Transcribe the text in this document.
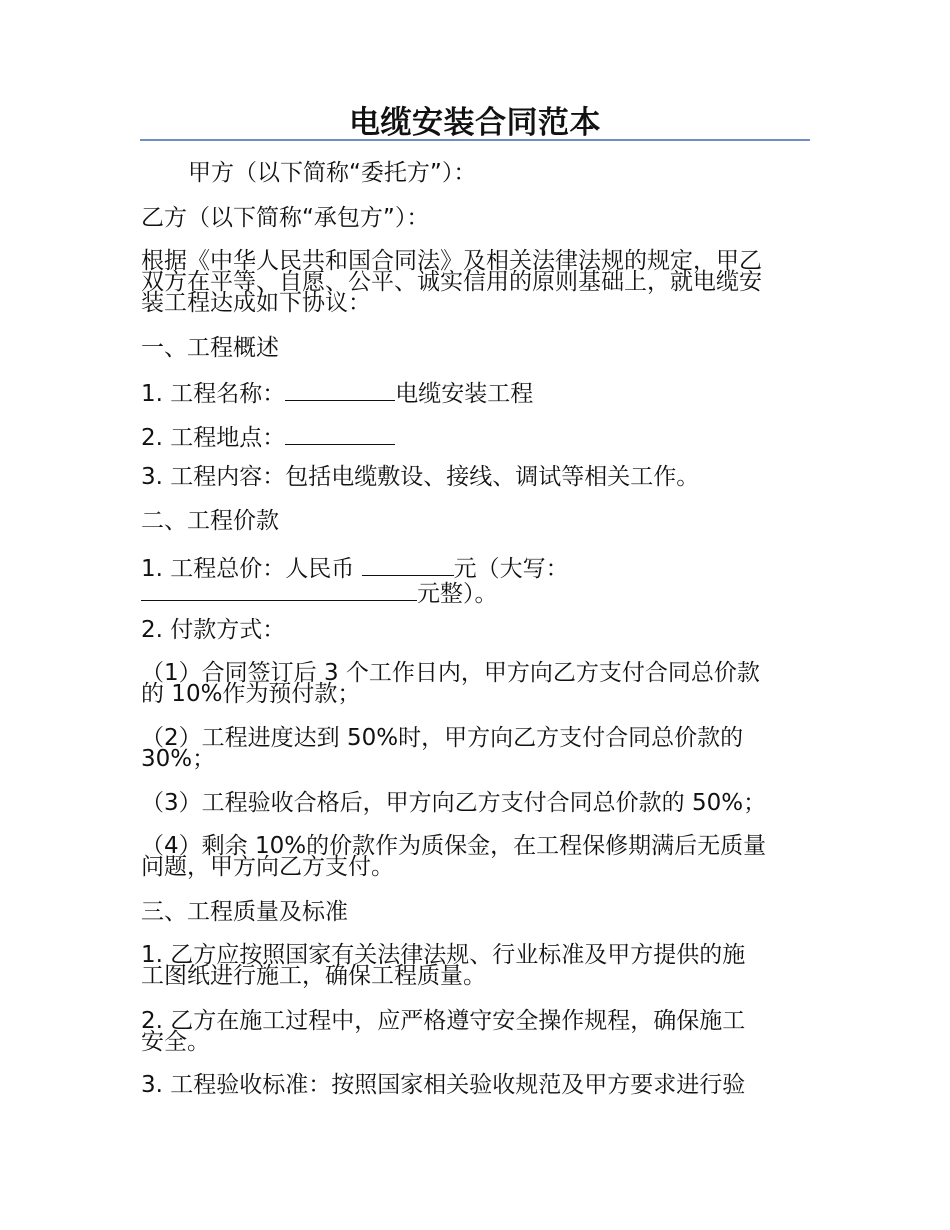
电缆安装合同范本
甲方（以下简称“委托方”）：
乙方（以下简称“承包方”）：
根据《中华人民共和国合同法》及相关法律法规的规定，甲乙
双方在平等、自愿、公平、诚实信用的原则基础上，就电缆安
装工程达成如下协议：
一、工程概述
1. 工程名称：	电缆安装工程
2. 工程地点：
3. 工程内容：包括电缆敷设、接线、调试等相关工作。
二、工程价款
1. 工程总价：人民币	元（大写：
元整）。
2. 付款方式：
（1）合同签订后 3 个工作日内，甲方向乙方支付合同总价款
的 10%作为预付款；
（2）工程进度达到 50%时，甲方向乙方支付合同总价款的
30%；
（3）工程验收合格后，甲方向乙方支付合同总价款的 50%；
（4）剩余 10%的价款作为质保金，在工程保修期满后无质量
问题，甲方向乙方支付。
三、工程质量及标准
1. 乙方应按照国家有关法律法规、行业标准及甲方提供的施
工图纸进行施工，确保工程质量。
2. 乙方在施工过程中，应严格遵守安全操作规程，确保施工
安全。
3. 工程验收标准：按照国家相关验收规范及甲方要求进行验
